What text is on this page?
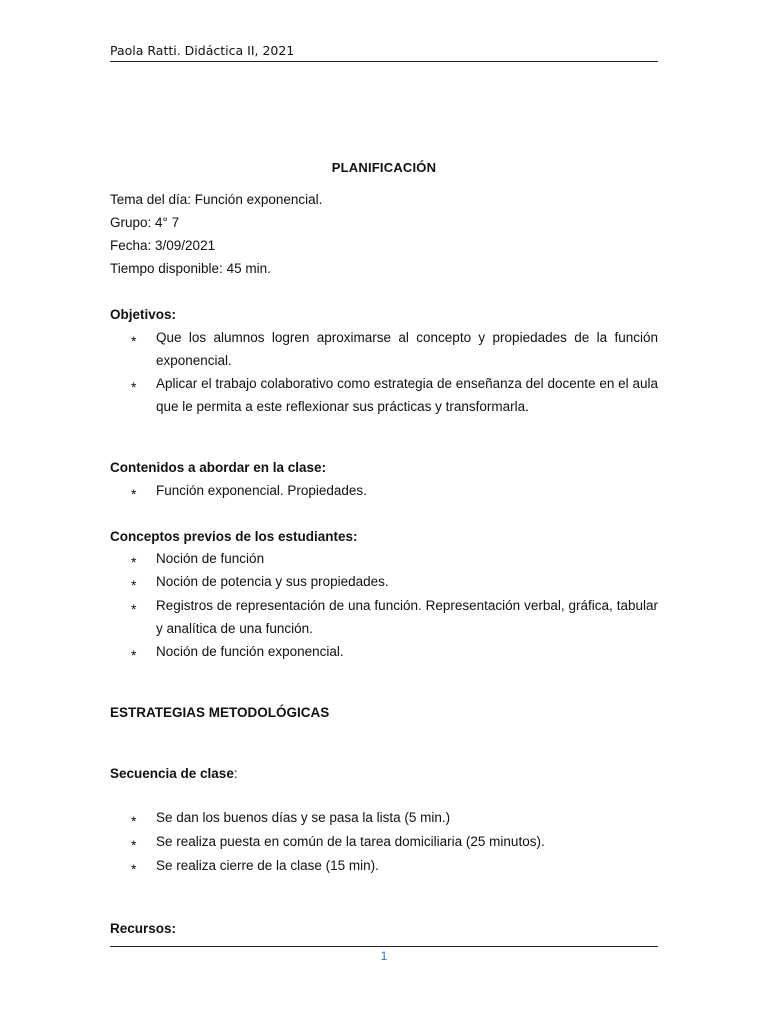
Paola Ratti. Didáctica II, 2021
PLANIFICACIÓN
Tema del día: Función exponencial.
Grupo: 4° 7
Fecha: 3/09/2021
Tiempo disponible: 45 min.
Objetivos:
* Que los alumnos logren aproximarse al concepto y propiedades de la función exponencial.
* Aplicar el trabajo colaborativo como estrategia de enseñanza del docente en el aula que le permita a este reflexionar sus prácticas y transformarla.
Contenidos a abordar en la clase:
* Función exponencial. Propiedades.
Conceptos previos de los estudiantes:
* Noción de función
* Noción de potencia y sus propiedades.
* Registros de representación de una función. Representación verbal, gráfica, tabular y analítica de una función.
* Noción de función exponencial.
ESTRATEGIAS METODOLÓGICAS
Secuencia de clase:
* Se dan los buenos días y se pasa la lista (5 min.)
* Se realiza puesta en común de la tarea domiciliaria (25 minutos).
* Se realiza cierre de la clase (15 min).
Recursos:
1
